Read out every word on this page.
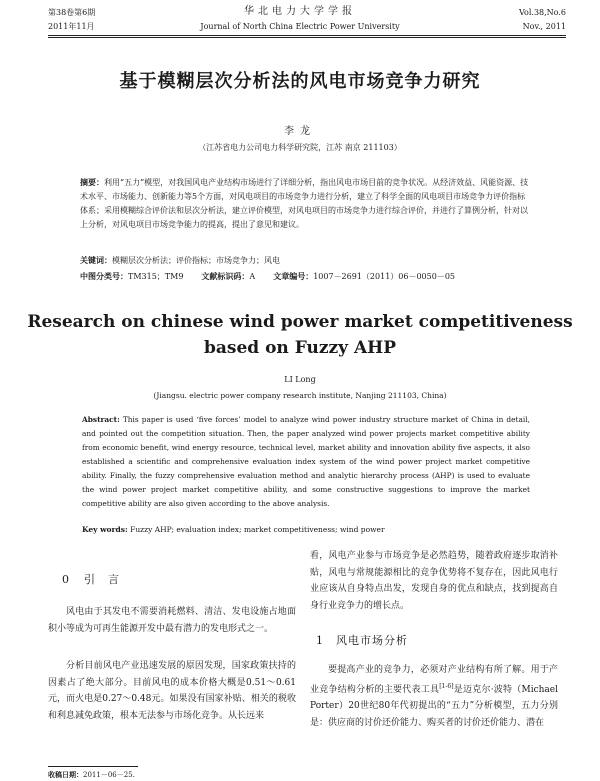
第38卷第6期
2011年11月
华北电力大学学报
Journal of North China Electric Power University
Vol.38,No.6
Nov., 2011
基于模糊层次分析法的风电市场竞争力研究
李龙
（江苏省电力公司电力科学研究院，江苏 南京 211103）
摘要：利用“五力”模型，对我国风电产业结构市场进行了详细分析，指出风电市场目前的竞争状况。从经济效益、风能资源、技术水平、市场能力、创新能力等5个方面，对风电项目的市场竞争力进行分析，建立了科学全面的风电项目市场竞争力评价指标体系；采用模糊综合评价法和层次分析法，建立评价模型，对风电项目的市场竞争力进行综合评价，并进行了算例分析，针对以上分析，对风电项目市场竞争能力的提高，提出了意见和建议。
关键词：模糊层次分析法；评价指标；市场竞争力；风电
中图分类号：TM315；TM9 文献标识码：A 文章编号：1007－2691（2011）06－0050－05
Research on chinese wind power market competitiveness
based on Fuzzy AHP
LI Long
(Jiangsu. electric power company research institute, Nanjing 211103, China)
Abstract: This paper is used ‘five forces’ model to analyze wind power industry structure market of China in detail, and pointed out the competition situation. Then, the paper analyzed wind power projects market competitive ability from economic benefit, wind energy resource, technical level, market ability and innovation ability five aspects, it also established a scientific and comprehensive evaluation index system of the wind power project market competitive ability. Finally, the fuzzy comprehensive evaluation method and analytic hierarchy process (AHP) is used to evaluate the wind power project market competitive ability, and some constructive suggestions to improve the market competitive ability are also given according to the above analysis.
Key words: Fuzzy AHP; evaluation index; market competitiveness; wind power
0 引　言
风电由于其发电不需要消耗燃料、清洁、发电设施占地面积小等成为可再生能源开发中最有潜力的发电形式之一。
分析目前风电产业迅速发展的原因发现，国家政策扶持的因素占了绝大部分。目前风电的成本价格大概是0.51～0.61元，而火电是0.27～0.48元。如果没有国家补贴、相关的税收和利息减免政策，根本无法参与市场化竞争。从长远来
收稿日期：2011－06－25.
看，风电产业参与市场竞争是必然趋势，随着政府逐步取消补贴，风电与常规能源相比的竞争优势将不复存在，因此风电行业应该从自身特点出发，发现自身的优点和缺点，找到提高自身行业竞争力的增长点。
1 风电市场分析
要提高产业的竞争力，必须对产业结构有所了解。用于产业竞争结构分析的主要代表工具[1-6]是迈克尔·波特（Michael Porter）20世纪80年代初提出的“五力”分析模型，五力分别是：供应商的讨价还价能力、购买者的讨价还价能力、潜在
